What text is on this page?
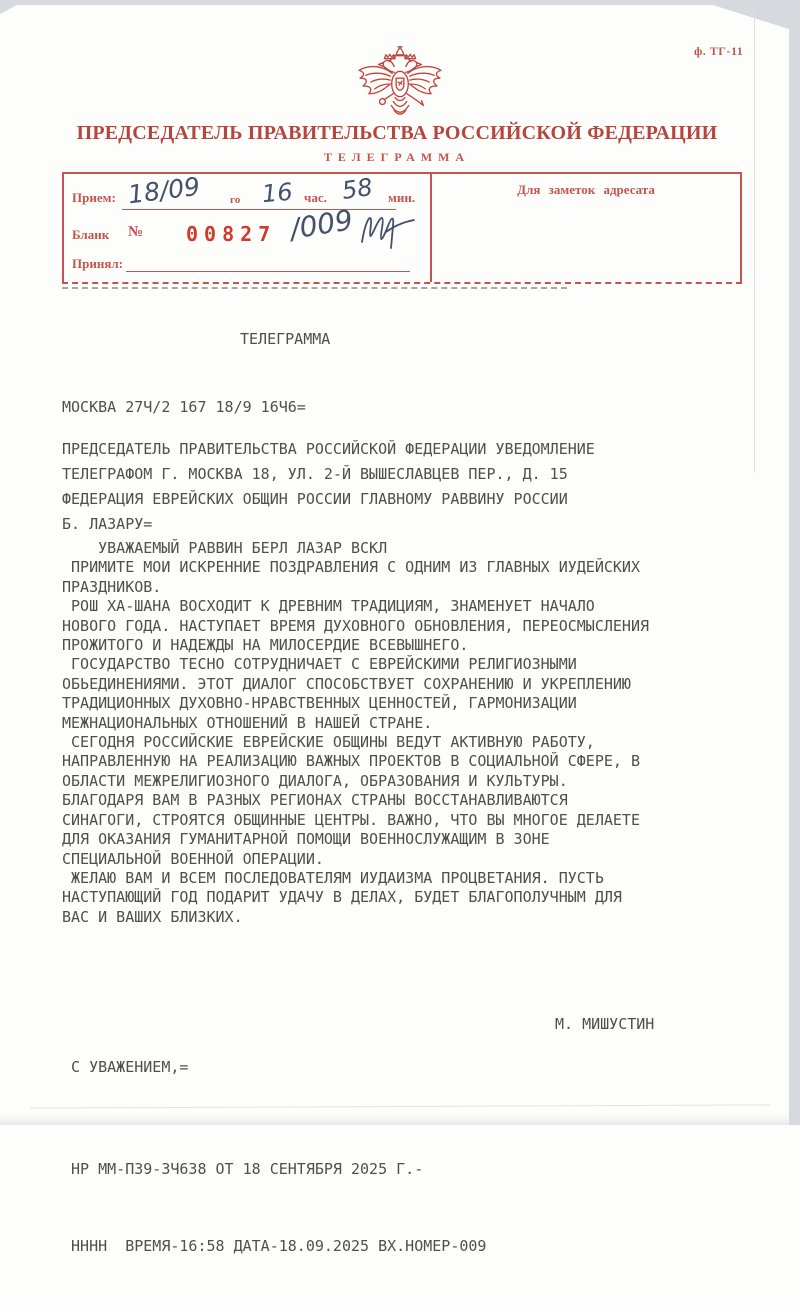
ф. ТГ-11
ПРЕДСЕДАТЕЛЬ ПРАВИТЕЛЬСТВА РОССИЙСКОЙ ФЕДЕРАЦИИ
ТЕЛЕГРАММА
Прием: 18/09	го 16 час. 58 мин.
Бланк № 00827 /009
Принял:
Для заметок адресата

ТЕЛЕГРАММА

МОСКВА 27Ч/2 167 18/9 16Ч6=

ПРЕДСЕДАТЕЛЬ ПРАВИТЕЛЬСТВА РОССИЙСКОЙ ФЕДЕРАЦИИ УВЕДОМЛЕНИЕ
ТЕЛЕГРАФОМ Г. МОСКВА 18, УЛ. 2-Й ВЫШЕСЛАВЦЕВ ПЕР., Д. 15
ФЕДЕРАЦИЯ ЕВРЕЙСКИХ ОБЩИН РОССИИ ГЛАВНОМУ РАВВИНУ РОССИИ
Б. ЛАЗАРУ=

УВАЖАЕМЫЙ РАВВИН БЕРЛ ЛАЗАР ВСКЛ
ПРИМИТЕ МОИ ИСКРЕННИЕ ПОЗДРАВЛЕНИЯ С ОДНИМ ИЗ ГЛАВНЫХ ИУДЕЙСКИХ
ПРАЗДНИКОВ.
РОШ ХА-ШАНА ВОСХОДИТ К ДРЕВНИМ ТРАДИЦИЯМ, ЗНАМЕНУЕТ НАЧАЛО
НОВОГО ГОДА. НАСТУПАЕТ ВРЕМЯ ДУХОВНОГО ОБНОВЛЕНИЯ, ПЕРЕОСМЫСЛЕНИЯ
ПРОЖИТОГО И НАДЕЖДЫ НА МИЛОСЕРДИЕ ВСЕВЫШНЕГО.
ГОСУДАРСТВО ТЕСНО СОТРУДНИЧАЕТ С ЕВРЕЙСКИМИ РЕЛИГИОЗНЫМИ
ОБЬЕДИНЕНИЯМИ. ЭТОТ ДИАЛОГ СПОСОБСТВУЕТ СОХРАНЕНИЮ И УКРЕПЛЕНИЮ
ТРАДИЦИОННЫХ ДУХОВНО-НРАВСТВЕННЫХ ЦЕННОСТЕЙ, ГАРМОНИЗАЦИИ
МЕЖНАЦИОНАЛЬНЫХ ОТНОШЕНИЙ В НАШЕЙ СТРАНЕ.
СЕГОДНЯ РОССИЙСКИЕ ЕВРЕЙСКИЕ ОБЩИНЫ ВЕДУТ АКТИВНУЮ РАБОТУ,
НАПРАВЛЕННУЮ НА РЕАЛИЗАЦИЮ ВАЖНЫХ ПРОЕКТОВ В СОЦИАЛЬНОЙ СФЕРЕ, В
ОБЛАСТИ МЕЖРЕЛИГИОЗНОГО ДИАЛОГА, ОБРАЗОВАНИЯ И КУЛЬТУРЫ.
БЛАГОДАРЯ ВАМ В РАЗНЫХ РЕГИОНАХ СТРАНЫ ВОССТАНАВЛИВАЮТСЯ
СИНАГОГИ, СТРОЯТСЯ ОБЩИННЫЕ ЦЕНТРЫ. ВАЖНО, ЧТО ВЫ МНОГОЕ ДЕЛАЕТЕ
ДЛЯ ОКАЗАНИЯ ГУМАНИТАРНОЙ ПОМОЩИ ВОЕННОСЛУЖАЩИМ В ЗОНЕ
СПЕЦИАЛЬНОЙ ВОЕННОЙ ОПЕРАЦИИ.
ЖЕЛАЮ ВАМ И ВСЕМ ПОСЛЕДОВАТЕЛЯМ ИУДАИЗМА ПРОЦВЕТАНИЯ. ПУСТЬ
НАСТУПАЮЩИЙ ГОД ПОДАРИТ УДАЧУ В ДЕЛАХ, БУДЕТ БЛАГОПОЛУЧНЫМ ДЛЯ
ВАС И ВАШИХ БЛИЗКИХ.

С УВАЖЕНИЕМ,=

М. МИШУСТИН

НР ММ-П39-3Ч638 ОТ 18 СЕНТЯБРЯ 2025 Г.-

НННН  ВРЕМЯ-16:58 ДАТА-18.09.2025 ВХ.НОМЕР-009
